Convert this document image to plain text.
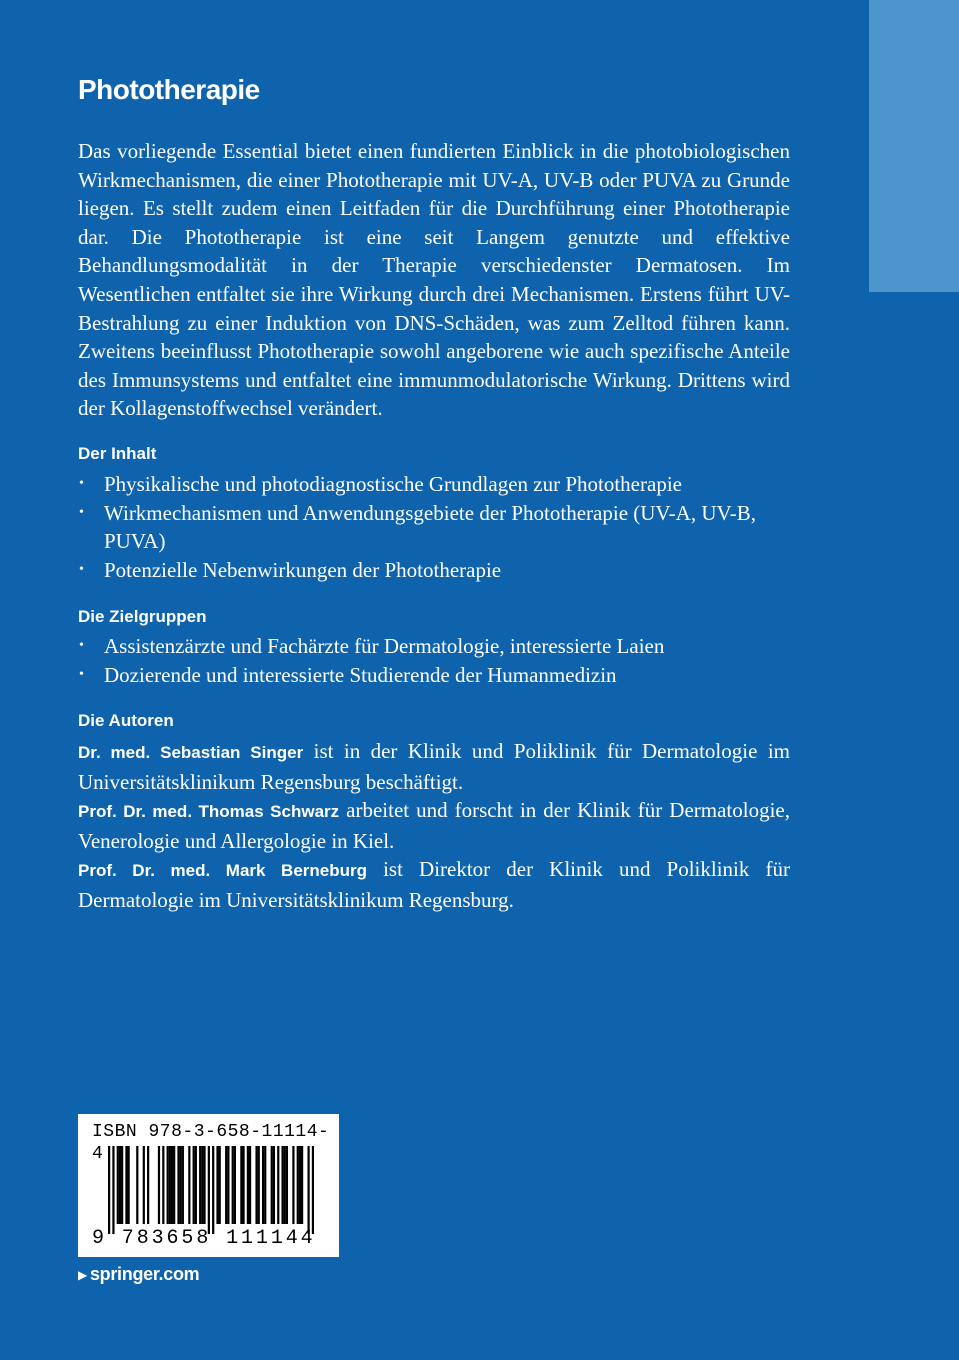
Phototherapie

Das vorliegende Essential bietet einen fundierten Einblick in die photobiologischen Wirkmechanismen, die einer Phototherapie mit UV-A, UV-B oder PUVA zu Grunde liegen. Es stellt zudem einen Leitfaden für die Durchführung einer Phototherapie dar. Die Phototherapie ist eine seit Langem genutzte und effektive Behandlungsmodalität in der Therapie verschiedenster Dermatosen. Im Wesentlichen entfaltet sie ihre Wirkung durch drei Mechanismen. Erstens führt UV-Bestrahlung zu einer Induktion von DNS-Schäden, was zum Zelltod führen kann. Zweitens beeinflusst Phototherapie sowohl angeborene wie auch spezifische Anteile des Immunsystems und entfaltet eine immunmodulatorische Wirkung. Drittens wird der Kollagenstoffwechsel verändert.

Der Inhalt
• Physikalische und photodiagnostische Grundlagen zur Phototherapie
• Wirkmechanismen und Anwendungsgebiete der Phototherapie (UV-A, UV-B, PUVA)
• Potenzielle Nebenwirkungen der Phototherapie
Die Zielgruppen
• Assistenzärzte und Fachärzte für Dermatologie, interessierte Laien
• Dozierende und interessierte Studierende der Humanmedizin
Die Autoren

Dr. med. Sebastian Singer ist in der Klinik und Poliklinik für Dermatologie im Universitätsklinikum Regensburg beschäftigt.

Prof. Dr. med. Thomas Schwarz arbeitet und forscht in der Klinik für Dermatologie, Venerologie und Allergologie in Kiel.

Prof. Dr. med. Mark Berneburg ist Direktor der Klinik und Poliklinik für Dermatologie im Universitätsklinikum Regensburg.

ISBN 978-3-658-11114-4
9 783658 111144
▶ springer.com
